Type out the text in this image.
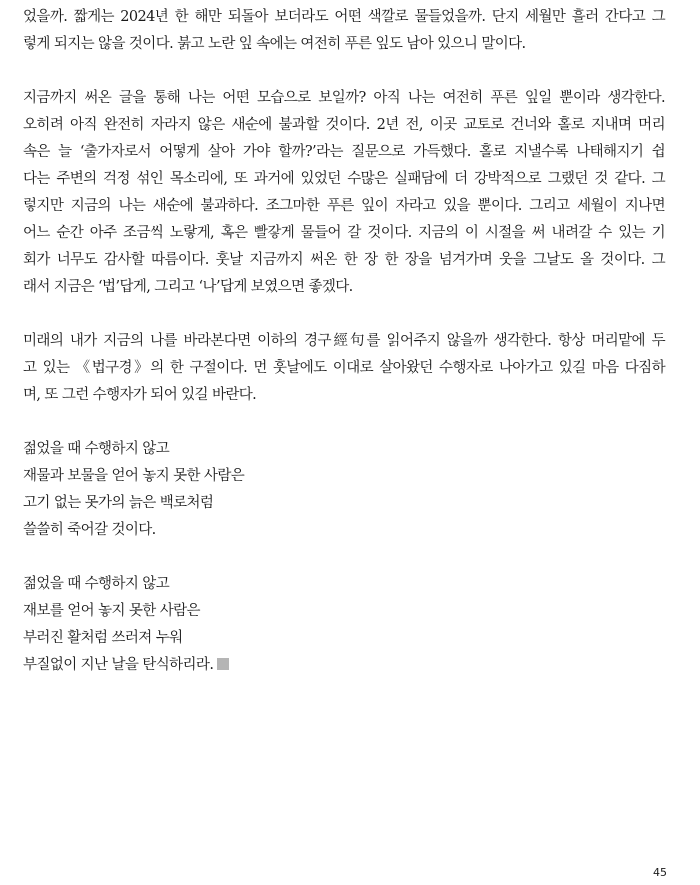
었을까. 짧게는 2024년 한 해만 되돌아 보더라도 어떤 색깔로 물들었을까. 단지 세월만 흘러 간다고 그
렇게 되지는 않을 것이다. 붉고 노란 잎 속에는 여전히 푸른 잎도 남아 있으니 말이다.
지금까지 써온 글을 통해 나는 어떤 모습으로 보일까? 아직 나는 여전히 푸른 잎일 뿐이라 생각한다.
오히려 아직 완전히 자라지 않은 새순에 불과할 것이다. 2년 전, 이곳 교토로 건너와 홀로 지내며 머리
속은 늘 ‘출가자로서 어떻게 살아 가야 할까?’라는 질문으로 가득했다. 홀로 지낼수록 나태해지기 쉽
다는 주변의 걱정 섞인 목소리에, 또 과거에 있었던 수많은 실패담에 더 강박적으로 그랬던 것 같다. 그
렇지만 지금의 나는 새순에 불과하다. 조그마한 푸른 잎이 자라고 있을 뿐이다. 그리고 세월이 지나면
어느 순간 아주 조금씩 노랗게, 혹은 빨갛게 물들어 갈 것이다. 지금의 이 시절을 써 내려갈 수 있는 기
회가 너무도 감사할 따름이다. 훗날 지금까지 써온 한 장 한 장을 넘겨가며 웃을 그날도 올 것이다. 그
래서 지금은 ‘법’답게, 그리고 ‘나’답게 보였으면 좋겠다.
미래의 내가 지금의 나를 바라본다면 이하의 경구經句를 읽어주지 않을까 생각한다. 항상 머리맡에 두
고 있는 《법구경》의 한 구절이다. 먼 훗날에도 이대로 살아왔던 수행자로 나아가고 있길 마음 다짐하
며, 또 그런 수행자가 되어 있길 바란다.
젊었을 때 수행하지 않고
재물과 보물을 얻어 놓지 못한 사람은
고기 없는 못가의 늙은 백로처럼
쓸쓸히 죽어갈 것이다.
젊었을 때 수행하지 않고
재보를 얻어 놓지 못한 사람은
부러진 활처럼 쓰러져 누워
부질없이 지난 날을 탄식하리라.
45
